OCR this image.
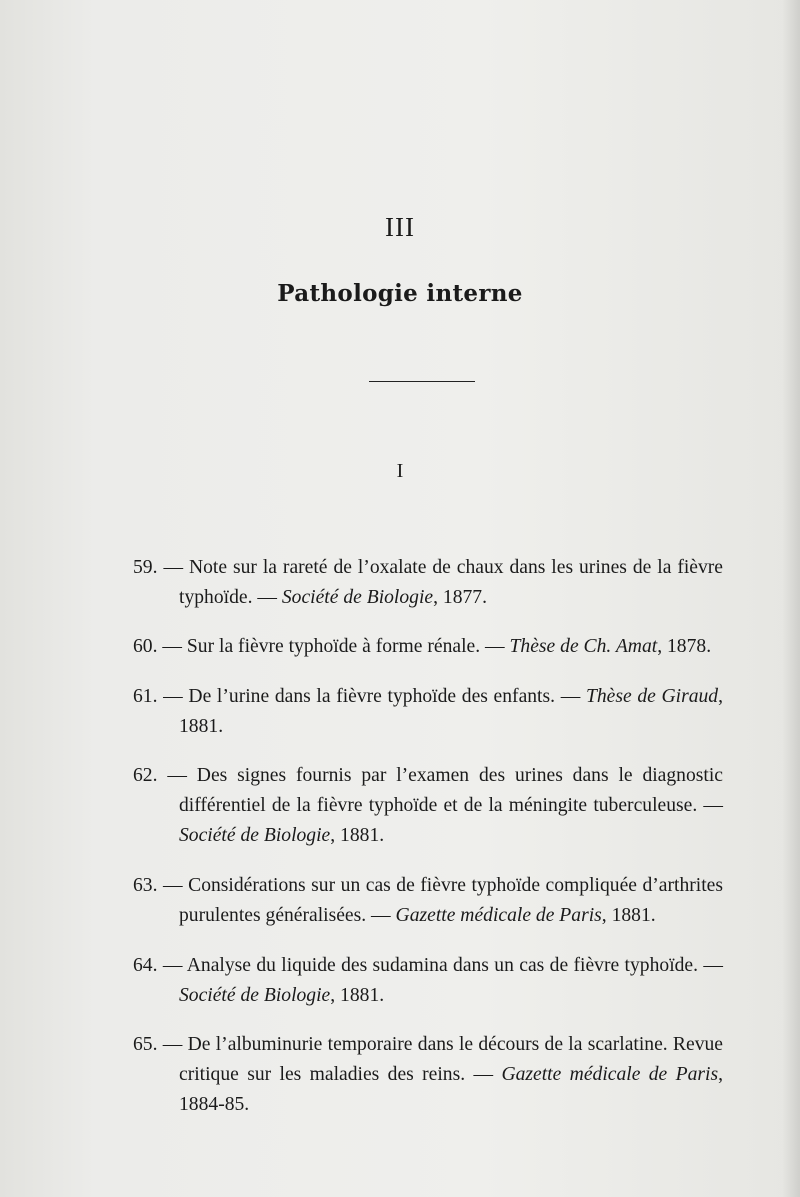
III
Pathologie interne
I

59. — Note sur la rareté de l’oxalate de chaux dans les urines de la fièvre typhoïde. — Société de Biologie, 1877.

60. — Sur la fièvre typhoïde à forme rénale. — Thèse de Ch. Amat, 1878.

61. — De l’urine dans la fièvre typhoïde des enfants. — Thèse de Giraud, 1881.

62. — Des signes fournis par l’examen des urines dans le diagnostic différentiel de la fièvre typhoïde et de la méningite tuberculeuse. — Société de Biologie, 1881.

63. — Considérations sur un cas de fièvre typhoïde compliquée d’arthrites purulentes généralisées. — Gazette médicale de Paris, 1881.

64. — Analyse du liquide des sudamina dans un cas de fièvre typhoïde. — Société de Biologie, 1881.

65. — De l’albuminurie temporaire dans le décours de la scarlatine. Revue critique sur les maladies des reins. — Gazette médicale de Paris, 1884-85.
